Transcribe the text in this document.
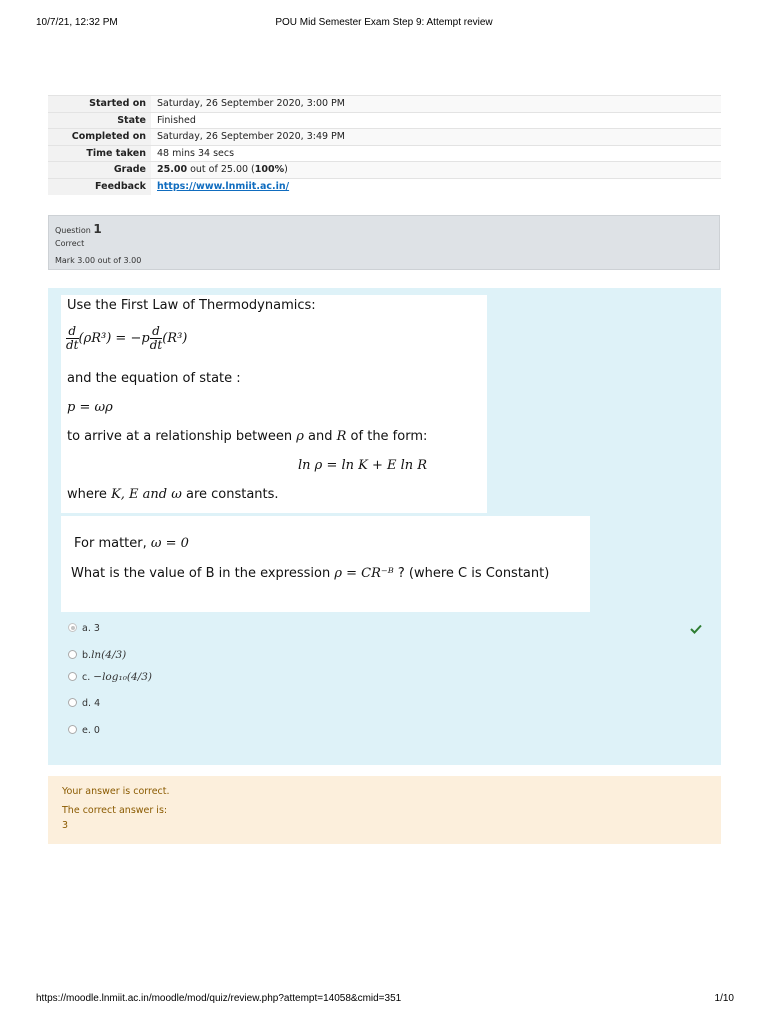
10/7/21, 12:32 PM	POU Mid Semester Exam Step 9: Attempt review
Started on	Saturday, 26 September 2020, 3:00 PM
State	Finished
Completed on	Saturday, 26 September 2020, 3:49 PM
Time taken	48 mins 34 secs
Grade	25.00 out of 25.00 (100%)
Feedback	https://www.lnmiit.ac.in/
Question 1
Correct
Mark 3.00 out of 3.00
Use the First Law of Thermodynamics:
$\frac{d}{dt} (\rho R^3) = -p \frac{d}{dt} (R^3)$
and the equation of state :
p = ωρ
to arrive at a relationship between ρ and R of the form:
ln ρ = ln K + E ln R
where K, E and ω are constants.
For matter, ω = 0
What is the value of B in the expression ρ = CR⁻ᴮ ? (where C is Constant)
a. 3
b.ln(4/3)
c. −log₁₀(4/3)
d. 4
e. 0
Your answer is correct.
The correct answer is:
3
https://moodle.lnmiit.ac.in/moodle/mod/quiz/review.php?attempt=14058&cmid=351	1/10
